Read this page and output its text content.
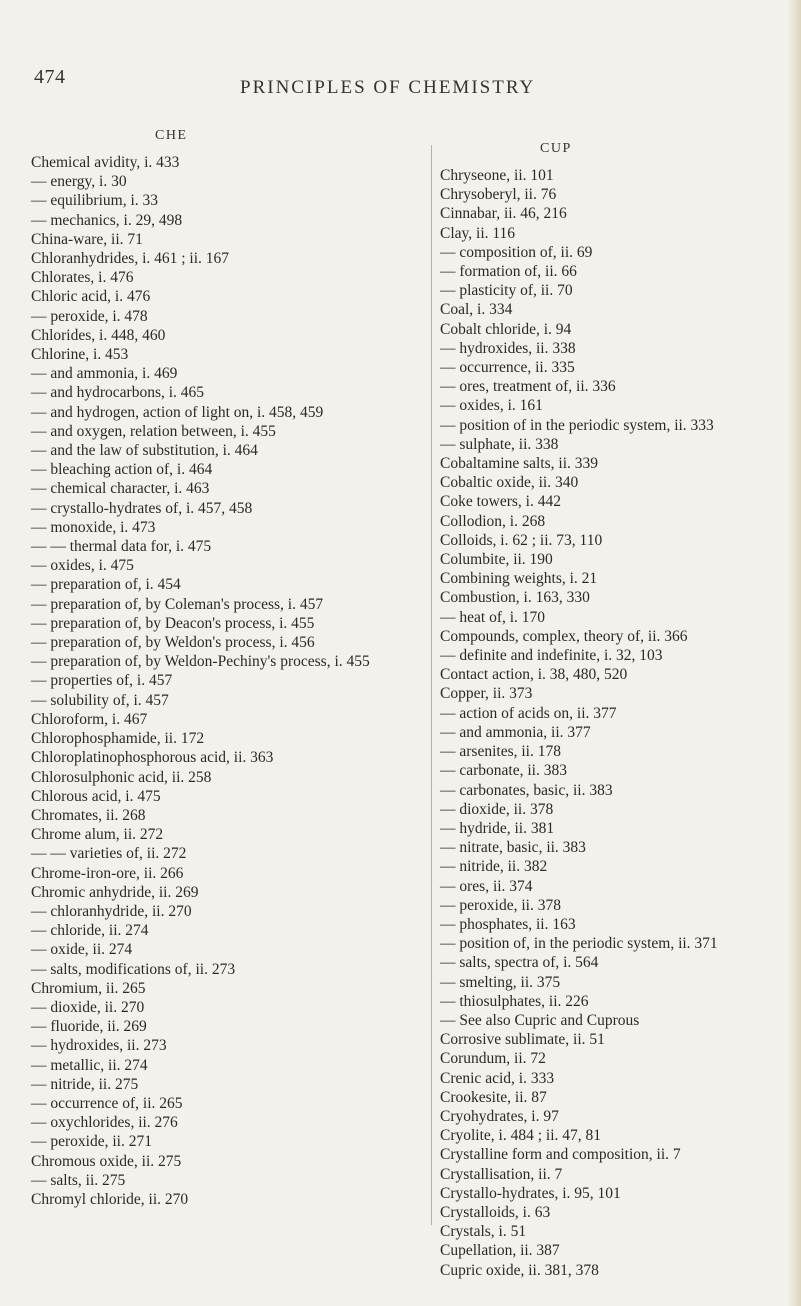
474	PRINCIPLES OF CHEMISTRY
CHE
CUP
Chemical avidity, i. 433
— energy, i. 30
— equilibrium, i. 33
— mechanics, i. 29, 498
China-ware, ii. 71
Chloranhydrides, i. 461 ; ii. 167
Chlorates, i. 476
Chloric acid, i. 476
— peroxide, i. 478
Chlorides, i. 448, 460
Chlorine, i. 453
— and ammonia, i. 469
— and hydrocarbons, i. 465
— and hydrogen, action of light on, i. 458, 459
— and oxygen, relation between, i. 455
— and the law of substitution, i. 464
— bleaching action of, i. 464
— chemical character, i. 463
— crystallo-hydrates of, i. 457, 458
— monoxide, i. 473
— — thermal data for, i. 475
— oxides, i. 475
— preparation of, i. 454
— preparation of, by Coleman's process, i. 457
— preparation of, by Deacon's process, i. 455
— preparation of, by Weldon's process, i. 456
— preparation of, by Weldon-Pechiny's process, i. 455
— properties of, i. 457
— solubility of, i. 457
Chloroform, i. 467
Chlorophosphamide, ii. 172
Chloroplatinophosphorous acid, ii. 363
Chlorosulphonic acid, ii. 258
Chlorous acid, i. 475
Chromates, ii. 268
Chrome alum, ii. 272
— — varieties of, ii. 272
Chrome-iron-ore, ii. 266
Chromic anhydride, ii. 269
— chloranhydride, ii. 270
— chloride, ii. 274
— oxide, ii. 274
— salts, modifications of, ii. 273
Chromium, ii. 265
— dioxide, ii. 270
— fluoride, ii. 269
— hydroxides, ii. 273
— metallic, ii. 274
— nitride, ii. 275
— occurrence of, ii. 265
— oxychlorides, ii. 276
— peroxide, ii. 271
Chromous oxide, ii. 275
— salts, ii. 275
Chromyl chloride, ii. 270
Chryseone, ii. 101
Chrysoberyl, ii. 76
Cinnabar, ii. 46, 216
Clay, ii. 116
— composition of, ii. 69
— formation of, ii. 66
— plasticity of, ii. 70
Coal, i. 334
Cobalt chloride, i. 94
— hydroxides, ii. 338
— occurrence, ii. 335
— ores, treatment of, ii. 336
— oxides, i. 161
— position of in the periodic system, ii. 333
— sulphate, ii. 338
Cobaltamine salts, ii. 339
Cobaltic oxide, ii. 340
Coke towers, i. 442
Collodion, i. 268
Colloids, i. 62 ; ii. 73, 110
Columbite, ii. 190
Combining weights, i. 21
Combustion, i. 163, 330
— heat of, i. 170
Compounds, complex, theory of, ii. 366
— definite and indefinite, i. 32, 103
Contact action, i. 38, 480, 520
Copper, ii. 373
— action of acids on, ii. 377
— and ammonia, ii. 377
— arsenites, ii. 178
— carbonate, ii. 383
— carbonates, basic, ii. 383
— dioxide, ii. 378
— hydride, ii. 381
— nitrate, basic, ii. 383
— nitride, ii. 382
— ores, ii. 374
— peroxide, ii. 378
— phosphates, ii. 163
— position of, in the periodic system, ii. 371
— salts, spectra of, i. 564
— smelting, ii. 375
— thiosulphates, ii. 226
— See also Cupric and Cuprous
Corrosive sublimate, ii. 51
Corundum, ii. 72
Crenic acid, i. 333
Crookesite, ii. 87
Cryohydrates, i. 97
Cryolite, i. 484 ; ii. 47, 81
Crystalline form and composition, ii. 7
Crystallisation, ii. 7
Crystallo-hydrates, i. 95, 101
Crystalloids, i. 63
Crystals, i. 51
Cupellation, ii. 387
Cupric oxide, ii. 381, 378
